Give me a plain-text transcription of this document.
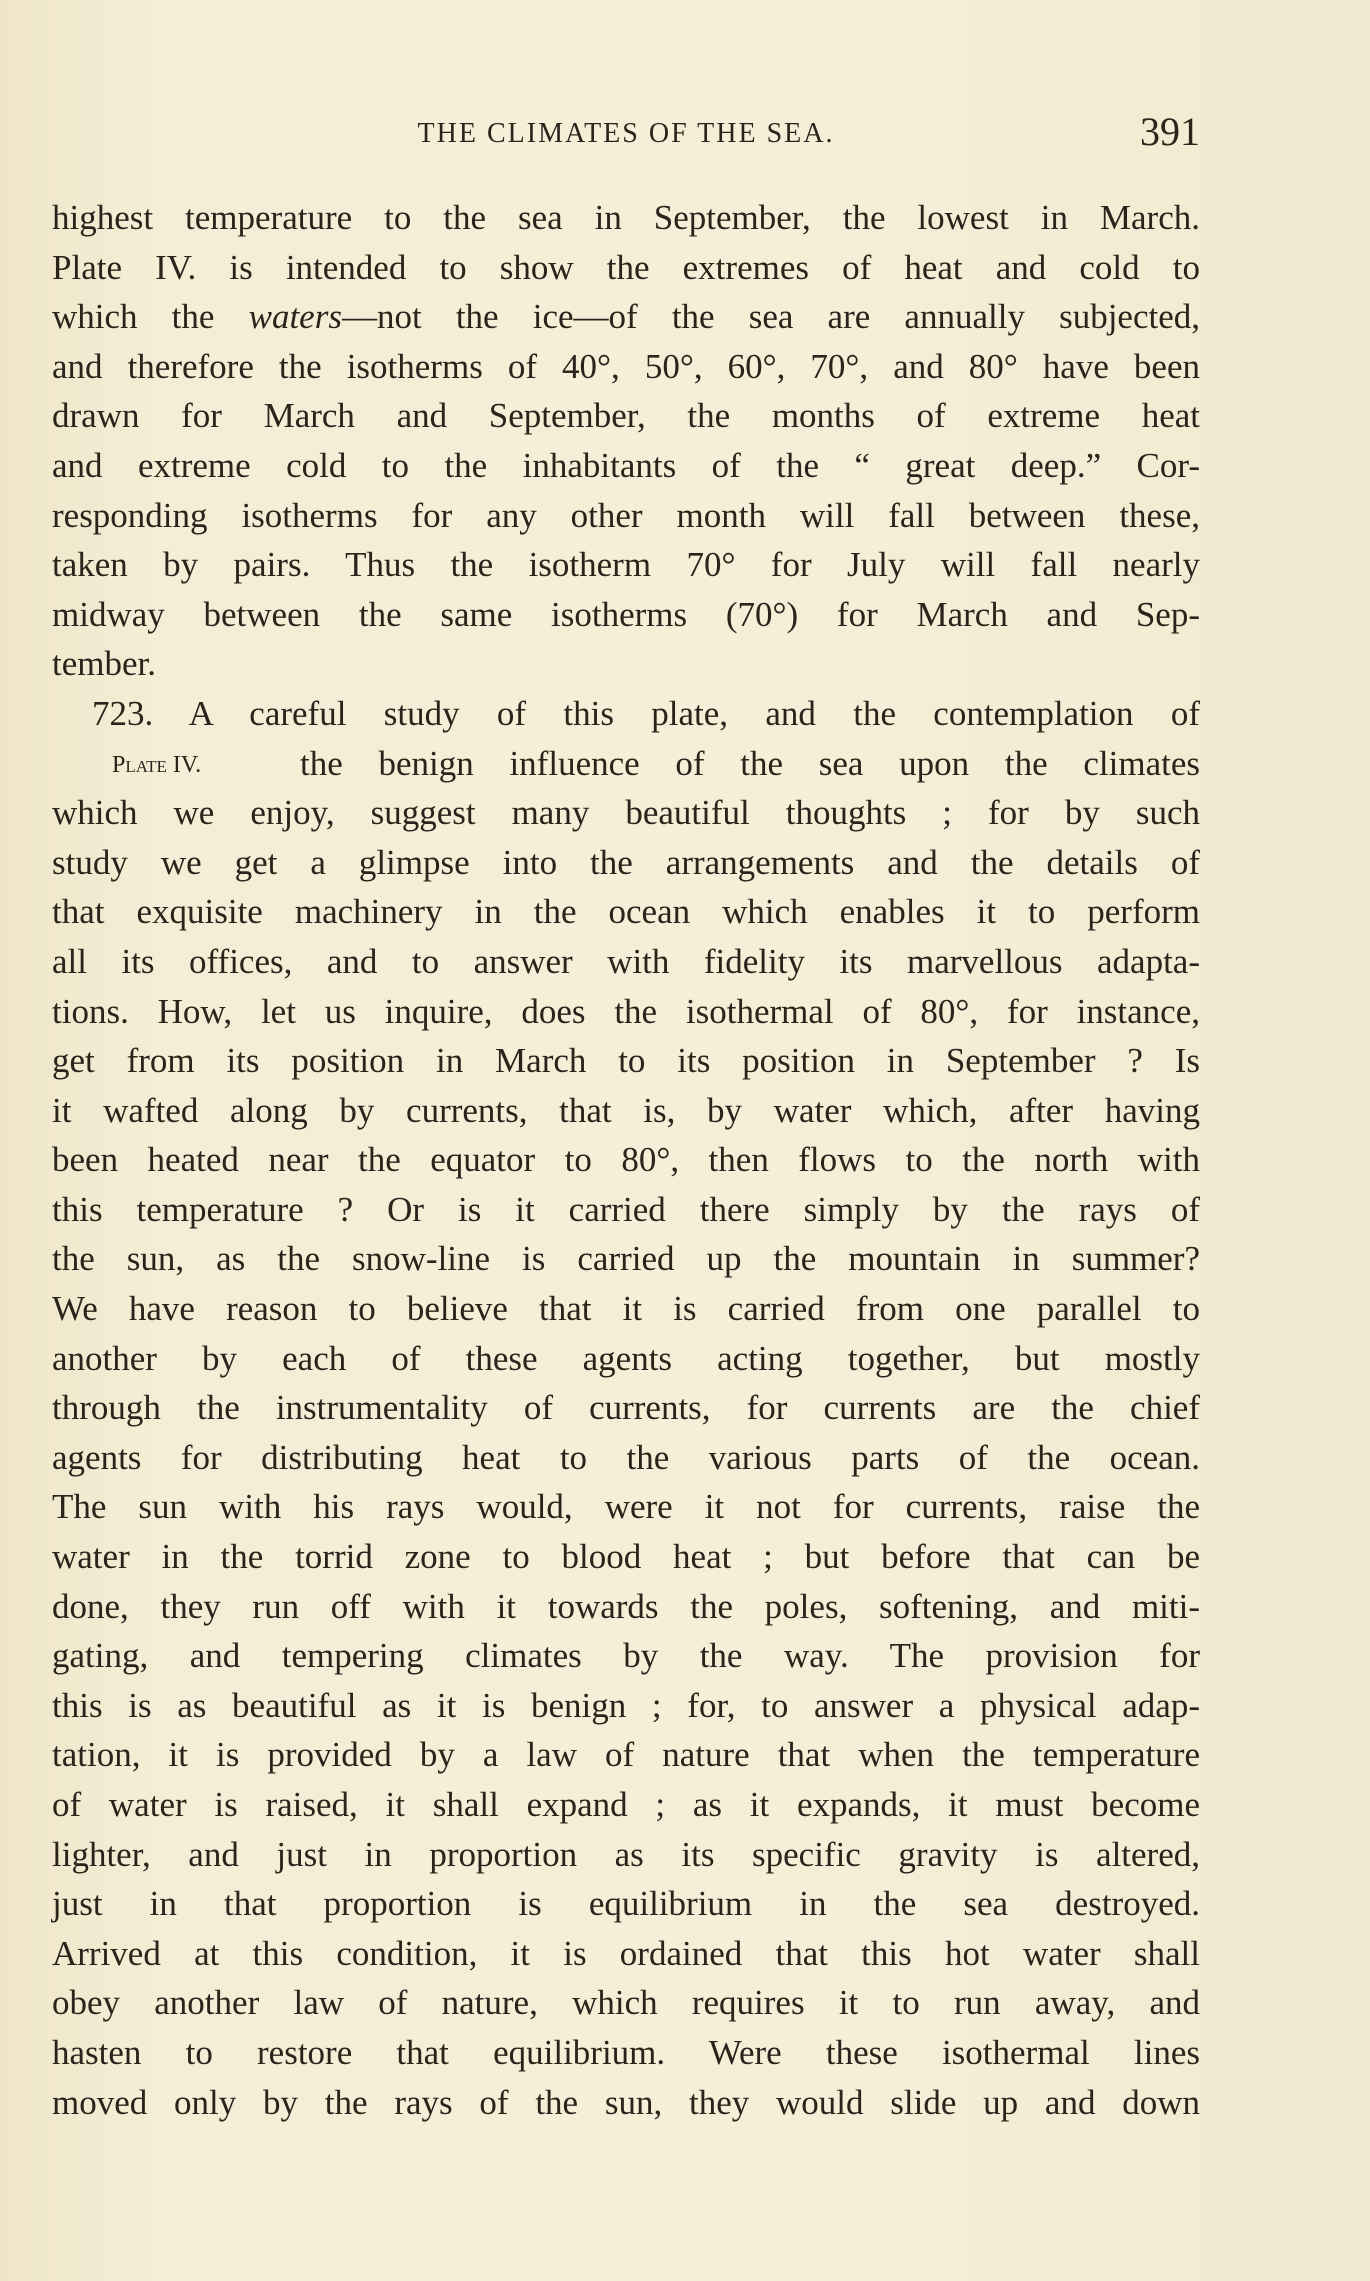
THE CLIMATES OF THE SEA.	391
highest temperature to the sea in September, the lowest in March.
Plate IV. is intended to show the extremes of heat and cold to
which the waters—not the ice—of the sea are annually subjected,
and therefore the isotherms of 40°, 50°, 60°, 70°, and 80° have been
drawn for March and September, the months of extreme heat
and extreme cold to the inhabitants of the “ great deep.” Cor-
responding isotherms for any other month will fall between these,
taken by pairs. Thus the isotherm 70° for July will fall nearly
midway between the same isotherms (70°) for March and Sep-
tember.
723. A careful study of this plate, and the contemplation of
Plate IV.	the benign influence of the sea upon the climates
which we enjoy, suggest many beautiful thoughts ; for by such
study we get a glimpse into the arrangements and the details of
that exquisite machinery in the ocean which enables it to perform
all its offices, and to answer with fidelity its marvellous adapta-
tions. How, let us inquire, does the isothermal of 80°, for instance,
get from its position in March to its position in September ? Is
it wafted along by currents, that is, by water which, after having
been heated near the equator to 80°, then flows to the north with
this temperature ? Or is it carried there simply by the rays of
the sun, as the snow-line is carried up the mountain in summer?
We have reason to believe that it is carried from one parallel to
another by each of these agents acting together, but mostly
through the instrumentality of currents, for currents are the chief
agents for distributing heat to the various parts of the ocean.
The sun with his rays would, were it not for currents, raise the
water in the torrid zone to blood heat ; but before that can be
done, they run off with it towards the poles, softening, and miti-
gating, and tempering climates by the way. The provision for
this is as beautiful as it is benign ; for, to answer a physical adap-
tation, it is provided by a law of nature that when the temperature
of water is raised, it shall expand ; as it expands, it must become
lighter, and just in proportion as its specific gravity is altered,
just in that proportion is equilibrium in the sea destroyed.
Arrived at this condition, it is ordained that this hot water shall
obey another law of nature, which requires it to run away, and
hasten to restore that equilibrium. Were these isothermal lines
moved only by the rays of the sun, they would slide up and down
